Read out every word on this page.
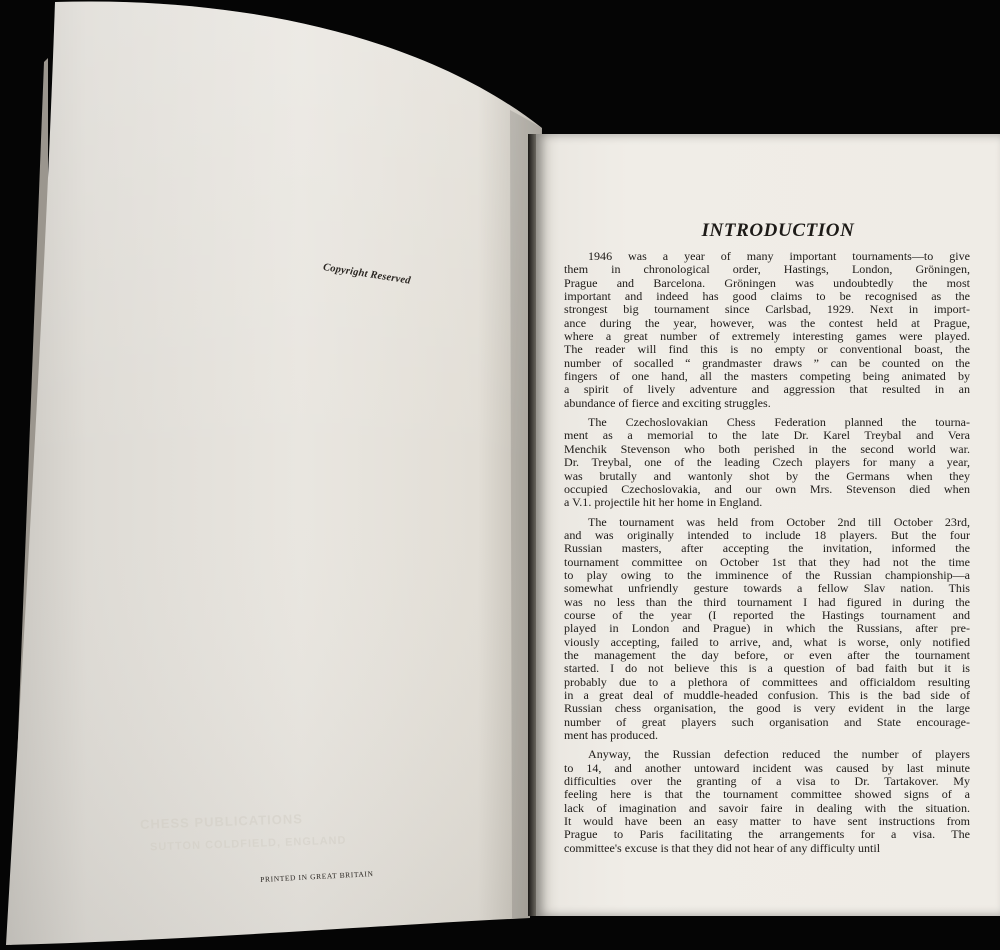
CHESS PUBLICATIONS
SUTTON COLDFIELD, ENGLAND
Copyright Reserved
PRINTED IN GREAT BRITAIN
INTRODUCTION
1946 was a year of many important tournaments—to give
them in chronological order, Hastings, London, Gröningen,
Prague and Barcelona. Gröningen was undoubtedly the most
important and indeed has good claims to be recognised as the
strongest big tournament since Carlsbad, 1929. Next in import-
ance during the year, however, was the contest held at Prague,
where a great number of extremely interesting games were played.
The reader will find this is no empty or conventional boast, the
number of socalled “ grandmaster draws ” can be counted on the
fingers of one hand, all the masters competing being animated by
a spirit of lively adventure and aggression that resulted in an
abundance of fierce and exciting struggles.
The Czechoslovakian Chess Federation planned the tourna-
ment as a memorial to the late Dr. Karel Treybal and Vera
Menchik Stevenson who both perished in the second world war.
Dr. Treybal, one of the leading Czech players for many a year,
was brutally and wantonly shot by the Germans when they
occupied Czechoslovakia, and our own Mrs. Stevenson died when
a V.1. projectile hit her home in England.
The tournament was held from October 2nd till October 23rd,
and was originally intended to include 18 players. But the four
Russian masters, after accepting the invitation, informed the
tournament committee on October 1st that they had not the time
to play owing to the imminence of the Russian championship—a
somewhat unfriendly gesture towards a fellow Slav nation. This
was no less than the third tournament I had figured in during the
course of the year (I reported the Hastings tournament and
played in London and Prague) in which the Russians, after pre-
viously accepting, failed to arrive, and, what is worse, only notified
the management the day before, or even after the tournament
started. I do not believe this is a question of bad faith but it is
probably due to a plethora of committees and officialdom resulting
in a great deal of muddle-headed confusion. This is the bad side of
Russian chess organisation, the good is very evident in the large
number of great players such organisation and State encourage-
ment has produced.
Anyway, the Russian defection reduced the number of players
to 14, and another untoward incident was caused by last minute
difficulties over the granting of a visa to Dr. Tartakover. My
feeling here is that the tournament committee showed signs of a
lack of imagination and savoir faire in dealing with the situation.
It would have been an easy matter to have sent instructions from
Prague to Paris facilitating the arrangements for a visa. The
committee's excuse is that they did not hear of any difficulty until
